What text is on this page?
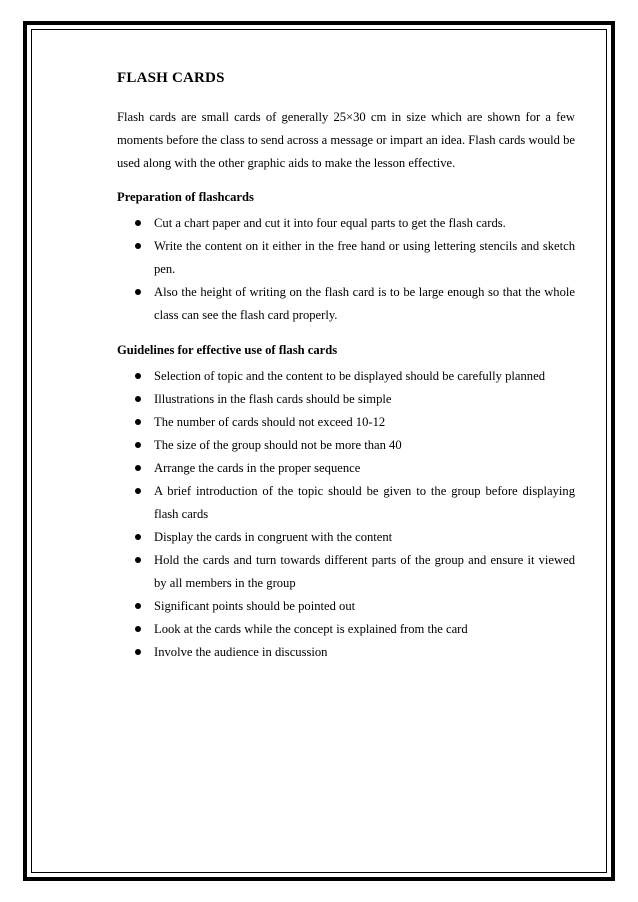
FLASH CARDS

Flash cards are small cards of generally 25×30 cm in size which are shown for a few moments before the class to send across a message or impart an idea. Flash cards would be used along with the other graphic aids to make the lesson effective.

Preparation of flashcards
Cut a chart paper and cut it into four equal parts to get the flash cards.
Write the content on it either in the free hand or using lettering stencils and sketch pen.
Also the height of writing on the flash card is to be large enough so that the whole class can see the flash card properly.
Guidelines for effective use of flash cards
Selection of topic and the content to be displayed should be carefully planned
Illustrations in the flash cards should be simple
The number of cards should not exceed 10-12
The size of the group should not be more than 40
Arrange the cards in the proper sequence
A brief introduction of the topic should be given to the group before displaying flash cards
Display the cards in congruent with the content
Hold the cards and turn towards different parts of the group and ensure it viewed by all members in the group
Significant points should be pointed out
Look at the cards while the concept is explained from the card
Involve the audience in discussion
